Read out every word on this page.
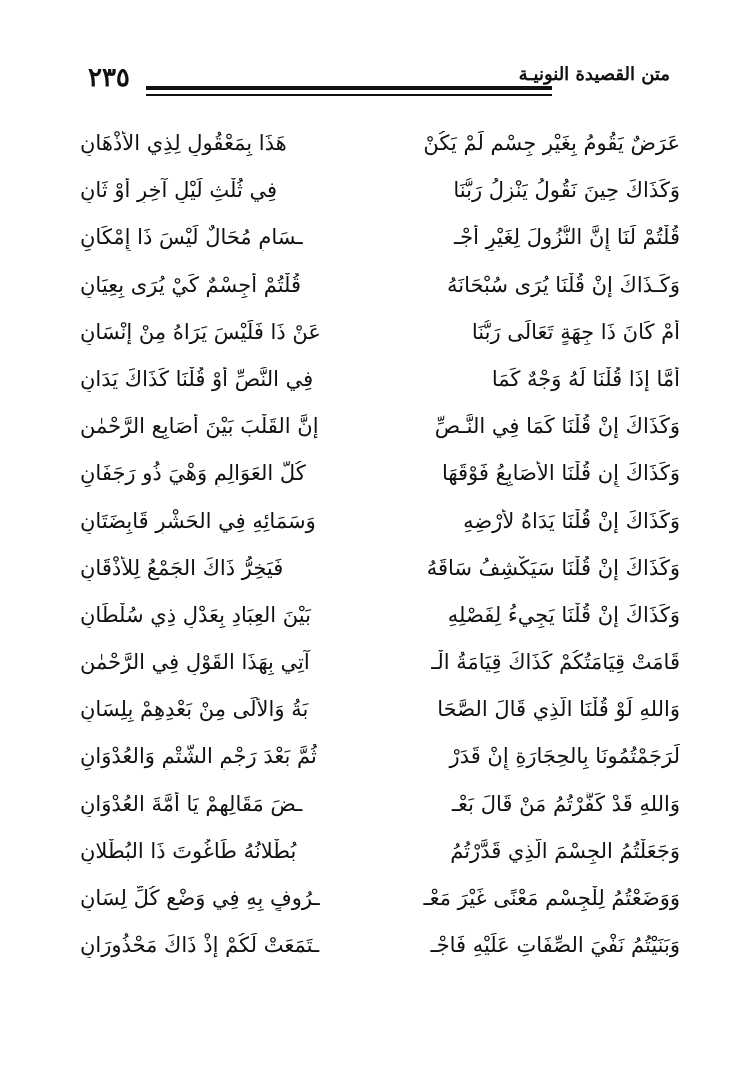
٢٣٥	متن القصيدة النونيـة
عَرَضٌ يَقُومُ بِغَيْرِ جِسْمٍ لَمْ يَكُنْ
هَذَا بِمَعْقُولٍ لِذِي الأَذْهَانِ
وَكَذَاكَ حِينَ نَقُولُ يَنْزِلُ رَبُّنَا
فِي ثُلْثِ لَيْلٍ آخِرٍ أَوْ ثَانِ
قُلْتُمْ لَنَا إِنَّ النُّزُولَ لِغَيْرِ أَجْـ
ـسَامِ مُحَالٌ لَيْسَ ذَا إِمْكَانِ
وَكَـذَاكَ إِنْ قُلْنَا يُرَى سُبْحَانَهُ
قُلْتُمْ أَجِسْمٌ كَيْ يُرَى بِعِيَانِ
أَمْ كَانَ ذَا جِهَةٍ تَعَالَى رَبُّنَا
عَنْ ذَا فَلَيْسَ يَرَاهُ مِنْ إِنْسَانِ
أَمَّا إِذَا قُلْنَا لَهُ وَجْهٌ كَمَا
فِي النَّصِّ أَوْ قُلْنَا كَذَاكَ يَدَانِ
وَكَذَاكَ إِنْ قُلْنَا كَمَا فِي النَّـصِّ
إِنَّ القَلْبَ بَيْنَ أَصَابِعِ الرَّحْمٰنِ
وَكَذَاكَ إِن قُلْنَا الأَصَابِعُ فَوْقَهَا
كُلُّ العَوَالِمِ وَهْيَ ذُو رَجَفَانِ
وَكَذَاكَ إِنْ قُلْنَا يَدَاهُ لأَرْضِهِ
وَسَمَائِهِ فِي الحَشْرِ قَابِضَتَانِ
وَكَذَاكَ إِنْ قُلْنَا سَيَكْشِفُ سَاقَهُ
فَيَخِرُّ ذَاكَ الجَمْعُ لِلأَذْقَانِ
وَكَذَاكَ إِنْ قُلْنَا يَجِيءُ لِفَصْلِهِ
بَيْنَ العِبَادِ بِعَدْلِ ذِي سُلْطَانِ
قَامَتْ قِيَامَتُكُمْ كَذَاكَ قِيَامَةُ الْـ
آتِي بِهَذَا القَوْلِ فِي الرَّحْمٰنِ
وَاللهِ لَوْ قُلْنَا الَّذِي قَالَ الصَّحَا
بَةُ وَالأُلَى مِنْ بَعْدِهِمْ بِلِسَانِ
لَرَجَمْتُمُونَا بِالحِجَارَةِ إِنْ قَدَرْ
ثُمَّ بَعْدَ رَجْمِ الشَّتْمِ وَالعُدْوَانِ
وَاللهِ قَدْ كَفَّرْتُمُ مَنْ قَالَ بَعْـ
ـضَ مَقَالِهِمْ يَا أُمَّةَ العُدْوَانِ
وَجَعَلْتُمُ الجِسْمَ الَّذِي قَدَّرْتُمُ
بُطْلانُهُ طَاغُوتَ ذَا البُطْلانِ
وَوَضَعْتُمُ لِلْجِسْمِ مَعْنًى غَيْرَ مَعْـ
ـرُوفٍ بِهِ فِي وَضْعِ كُلِّ لِسَانِ
وَبَنَيْتُمُ نَفْيَ الصِّفَاتِ عَلَيْهِ فَاجْـ
ـتَمَعَتْ لَكُمْ إِذْ ذَاكَ مَحْذُورَانِ
